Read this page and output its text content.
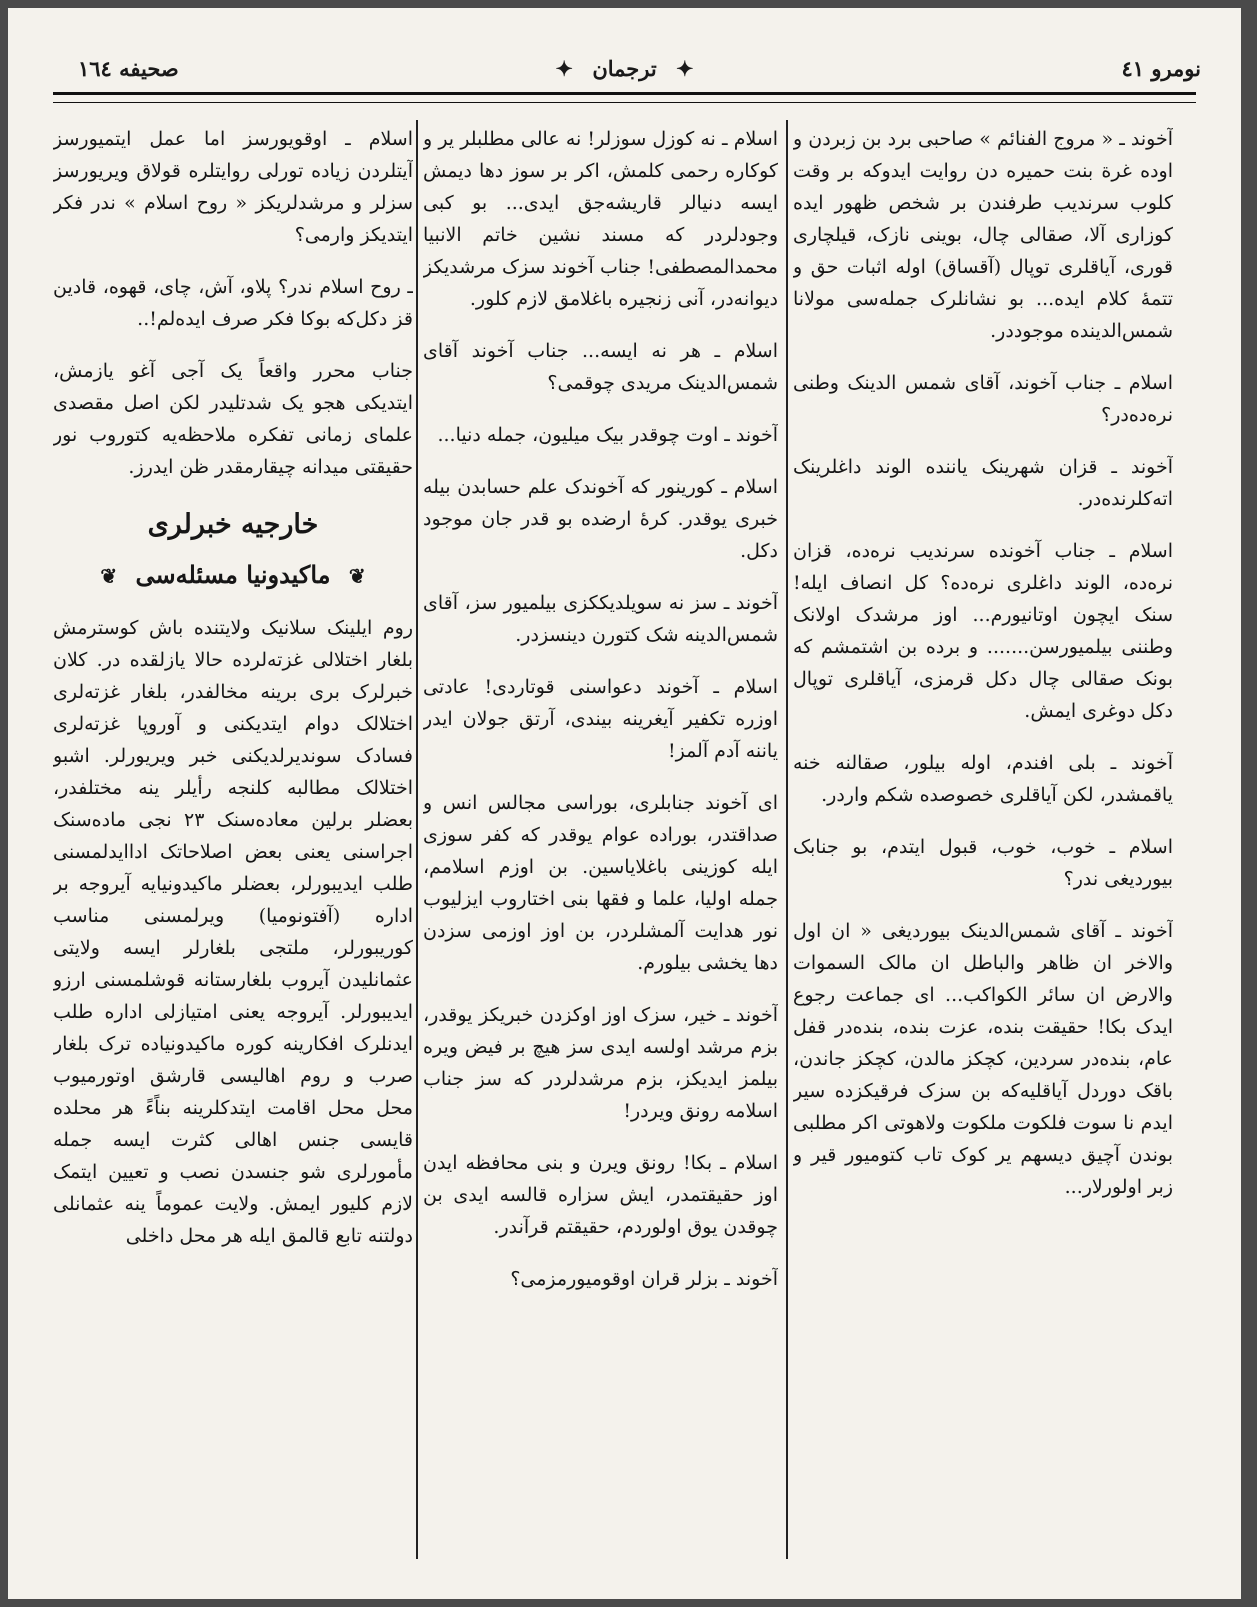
نومرو ٤١
✦ ترجمان ✦
صحیفه ١٦٤

آخوند ـ « مروج الفنائم » صاحبی برد بن زبردن و اوده غرة بنت حمیره دن روایت ایدوکه بر وقت کلوب سرندیب طرفندن بر شخص ظهور ایده کوزاری آلا، صقالی چال، بوینی نازک، قیلچاری قوری، آیاقلری توپال (آقساق) اوله اثبات حق و تتمۀ کلام ایده... بو نشانلرک جمله‌سی مولانا شمس‌الدینده موجوددر.

اسلام ـ جناب آخوند، آقای شمس الدینک وطنی نره‌دەدر؟

آخوند ـ قزان شهرینک یاننده الوند داغلرینک اته‌کلرنده‌در.

اسلام ـ جناب آخونده سرندیب نره‌ده، قزان نره‌ده، الوند داغلری نره‌ده؟ کل انصاف ایله! سنک ایچون اوتانیورم... اوز مرشدک اولانک وطننی بیلمیورسن....... و برده بن اشتمشم که بونک صقالی چال دکل قرمزی، آیاقلری توپال دکل دوغری ایمش.

آخوند ـ بلی افندم، اوله بیلور، صقالنه خنه یاقمشدر، لکن آیاقلری خصوصده شکم واردر.

اسلام ـ خوب، خوب، قبول ایتدم، بو جنابک بیوردیغی ندر؟

آخوند ـ آقای شمس‌الدینک بیوردیغی « ان اول والاخر ان ظاهر والباطل ان مالک السموات والارض ان سائر الکواکب... ای جماعت رجوع ایدک بکا! حقیقت بنده، عزت بنده، بنده‌در قفل عام، بنده‌در سردین، کچکز مالدن، کچکز جاندن، باقک دوردل آیاقلیه‌که بن سزک فرقیکزده سیر ایدم نا سوت فلکوت ملکوت ولاهوتی اکر مطلبی بوندن آچیق دیسهم یر کوک تاب کتومیور قیر و زبر اولورلار...

اسلام ـ نه کوزل سوزلر! نه عالی مطلبلر یر و کوکاره رحمی کلمش، اکر بر سوز دها دیمش ایسه دنیالر قاریشه‌جق ایدی... بو کبی وجودلردر که مسند نشین خاتم الانبیا محمدالمصطفی! جناب آخوند سزک مرشدیکز دیوانه‌در، آنی زنجیره باغلامق لازم کلور.

اسلام ـ هر نه ایسه... جناب آخوند آقای شمس‌الدینک مریدی چوقمی؟

آخوند ـ اوت چوقدر بیک میلیون، جمله دنیا...

اسلام ـ کورینور که آخوندک علم حسابدن بیله خبری یوقدر. کرۀ ارضده بو قدر جان موجود دکل.

آخوند ـ سز نه سویلدیککزی بیلمیور سز، آقای شمس‌الدینه شک کتورن دینسزدر.

اسلام ـ آخوند دعواسنی قوتاردی! عادتی اوزره تکفیر آیغرینه بیندی، آرتق جولان ایدر یاننه آدم آلمز!

ای آخوند جنابلری، بوراسی مجالس انس و صداقتدر، بوراده عوام یوقدر که کفر سوزی ایله کوزینی باغلایاسین. بن اوزم اسلامم، جمله اولیا، علما و فقها بنی اختاروب ایزلیوب نور هدایت آلمشلردر، بن اوز اوزمی سزدن دها یخشی بیلورم.

آخوند ـ خیر، سزک اوز اوکزدن خبریکز یوقدر، بزم مرشد اولسه ایدی سز هیچ بر فیض ویره بیلمز ایدیکز، بزم مرشدلردر که سز جناب اسلامه رونق ویردر!

اسلام ـ بکا! رونق ویرن و بنی محافظه ایدن اوز حقیقتمدر، ایش سزاره قالسه ایدی بن چوقدن یوق اولوردم، حقیقتم قرآندر.

آخوند ـ بزلر قران اوقومیورمزمی؟

اسلام ـ اوقویورسز اما عمل ایتمیورسز آیتلردن زیاده تورلی روایتلره قولاق ویریورسز سزلر و مرشدلریکز « روح اسلام » ندر فکر ایتدیکز وارمی؟

ـ روح اسلام ندر؟ پلاو، آش، چای، قهوه، قادین قز دکل‌که بوکا فکر صرف ایده‌لم!..

جناب محرر واقعاً یک آجی آغو یازمش، ایتدیکی هجو یک شدتلیدر لکن اصل مقصدی علمای زمانی تفکره ملاحظه‌یه کتوروب نور حقیقتی میدانه چیقارمقدر ظن ایدرز.

خارجیه خبرلری
❦ ماکیدونیا مسئله‌سی ❦

روم ایلینک سلانیک ولایتنده باش کوسترمش بلغار اختلالی غزته‌لرده حالا یازلقده در. کلان خبرلرک بری برینه مخالفدر، بلغار غزته‌لری اختلالک دوام ایتدیکنی و آوروپا غزته‌لری فسادک سوندیرلدیکنی خبر ویریورلر. اشبو اختلالک مطالبه کلنجه رأیلر ینه مختلفدر، بعضلر برلین معاده‌سنک ٢٣ نجی ماده‌سنک اجراسنی یعنی بعض اصلاحاتک اداایدلمسنی طلب ایدیبورلر، بعضلر ماکیدونیایه آیروجه بر اداره (آفتونومیا) ویرلمسنی مناسب کوریبورلر، ملتجی بلغارلر ایسه ولایتی عثمانلیدن آیروب بلغارستانه قوشلمسنی ارزو ایدیبورلر. آیروجه یعنی امتیازلی اداره طلب ایدنلرک افکارینه کوره ماکیدونیاده ترک بلغار صرب و روم اهالیسی قارشق اوتورمیوب محل محل اقامت ایتدکلرینه بناًءً هر محلده قایسی جنس اهالی کثرت ایسه جمله مأمورلری شو جنسدن نصب و تعیین ایتمک لازم کلیور ایمش. ولایت عموماً ینه عثمانلی دولتنه تابع قالمق ایله هر محل داخلی
